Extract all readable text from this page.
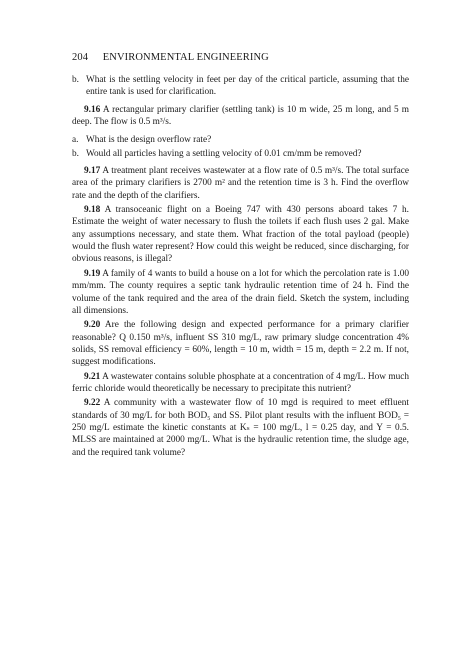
204 ENVIRONMENTAL ENGINEERING
b. What is the settling velocity in feet per day of the critical particle, assuming that the entire tank is used for clarification.
9.16 A rectangular primary clarifier (settling tank) is 10 m wide, 25 m long, and 5 m deep. The flow is 0.5 m³/s.
a. What is the design overflow rate?
b. Would all particles having a settling velocity of 0.01 cm/mm be removed?
9.17 A treatment plant receives wastewater at a flow rate of 0.5 m³/s. The total surface area of the primary clarifiers is 2700 m² and the retention time is 3 h. Find the overflow rate and the depth of the clarifiers.
9.18 A transoceanic flight on a Boeing 747 with 430 persons aboard takes 7 h. Estimate the weight of water necessary to flush the toilets if each flush uses 2 gal. Make any assumptions necessary, and state them. What fraction of the total payload (people) would the flush water represent? How could this weight be reduced, since discharging, for obvious reasons, is illegal?
9.19 A family of 4 wants to build a house on a lot for which the percolation rate is 1.00 mm/mm. The county requires a septic tank hydraulic retention time of 24 h. Find the volume of the tank required and the area of the drain field. Sketch the system, including all dimensions.
9.20 Are the following design and expected performance for a primary clarifier reasonable? Q 0.150 m³/s, influent SS 310 mg/L, raw primary sludge concentration 4% solids, SS removal efficiency = 60%, length = 10 m, width = 15 m, depth = 2.2 m. If not, suggest modifications.
9.21 A wastewater contains soluble phosphate at a concentration of 4 mg/L. How much ferric chloride would theoretically be necessary to precipitate this nutrient?
9.22 A community with a wastewater flow of 10 mgd is required to meet effluent standards of 30 mg/L for both BOD₅ and SS. Pilot plant results with the influent BOD₅ = 250 mg/L estimate the kinetic constants at Kₛ = 100 mg/L, l = 0.25 day, and Y = 0.5. MLSS are maintained at 2000 mg/L. What is the hydraulic retention time, the sludge age, and the required tank volume?
